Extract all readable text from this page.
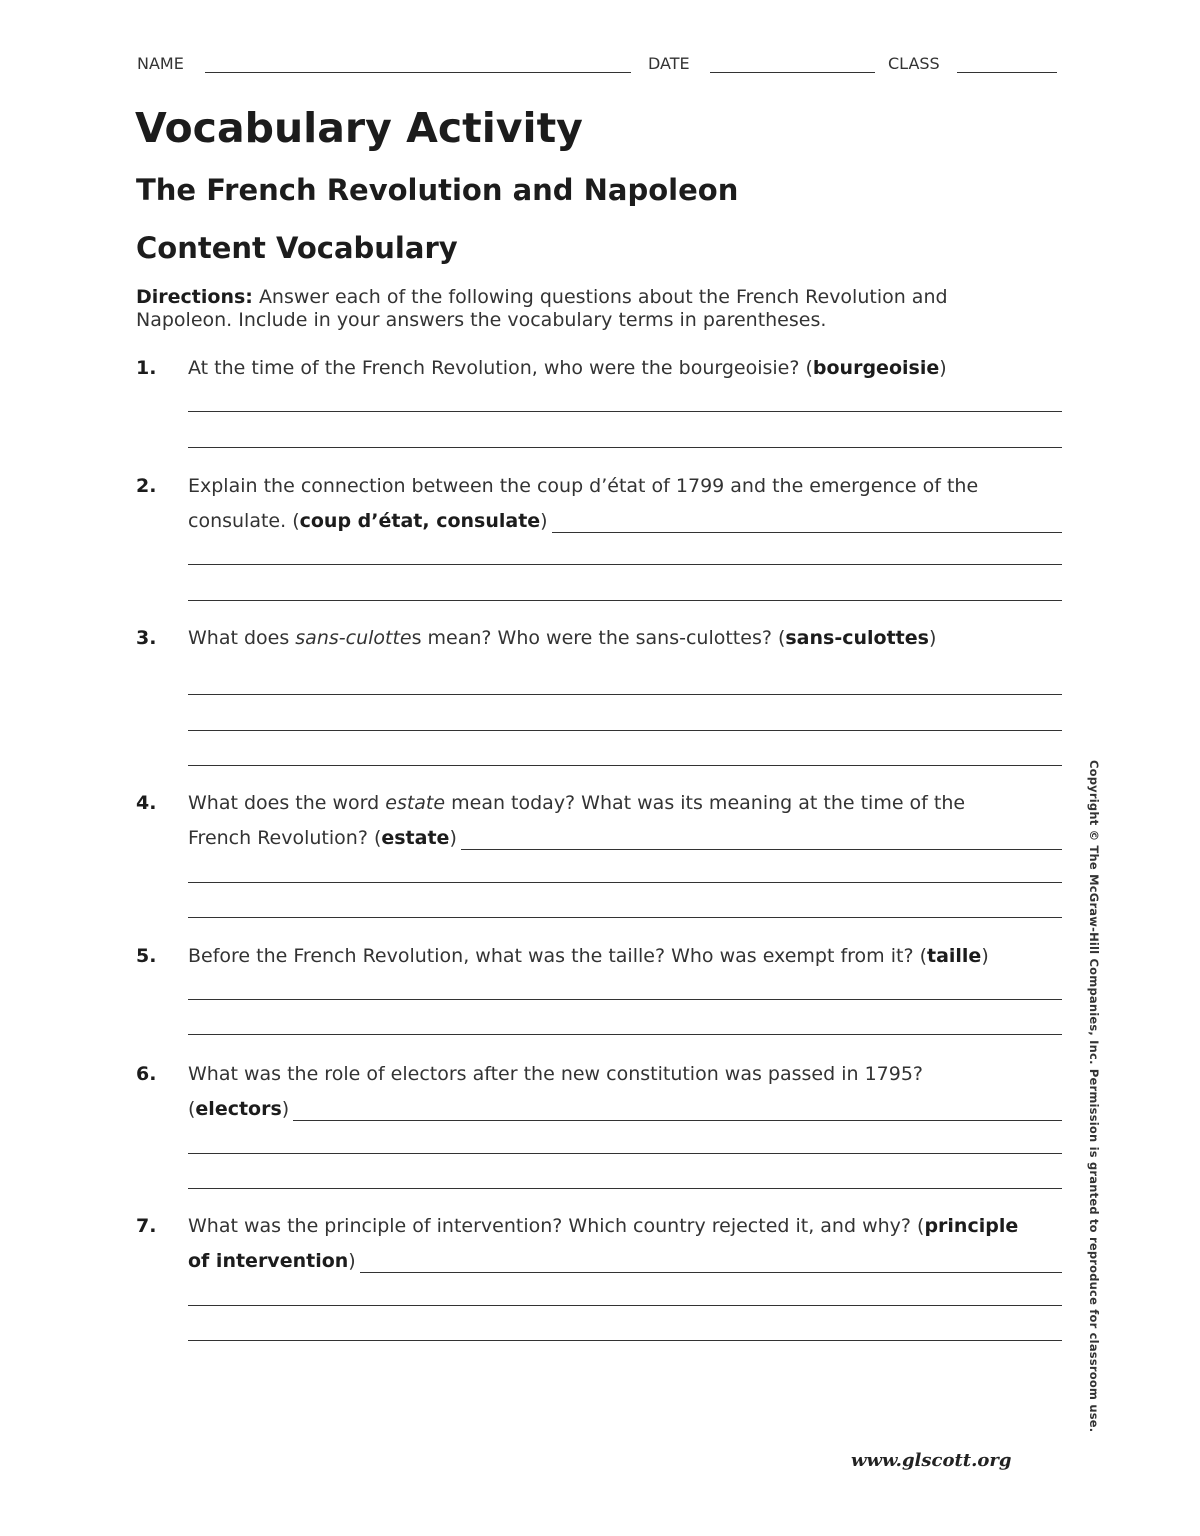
NAME	DATE	CLASS
Vocabulary Activity
The French Revolution and Napoleon
Content Vocabulary
Directions: Answer each of the following questions about the French Revolution and Napoleon. Include in your answers the vocabulary terms in parentheses.
1. At the time of the French Revolution, who were the bourgeoisie? (bourgeoisie)
2. Explain the connection between the coup d’état of 1799 and the emergence of the
consulate. (coup d’état, consulate)
3. What does sans-culottes mean? Who were the sans-culottes? (sans-culottes)
4. What does the word estate mean today? What was its meaning at the time of the
French Revolution? (estate)
5. Before the French Revolution, what was the taille? Who was exempt from it? (taille)
6. What was the role of electors after the new constitution was passed in 1795?
(electors)
7. What was the principle of intervention? Which country rejected it, and why? (principle
of intervention)	Copyright © The McGraw-Hill Companies, Inc. Permission is granted to reproduce for classroom use.
www.glscott.org
